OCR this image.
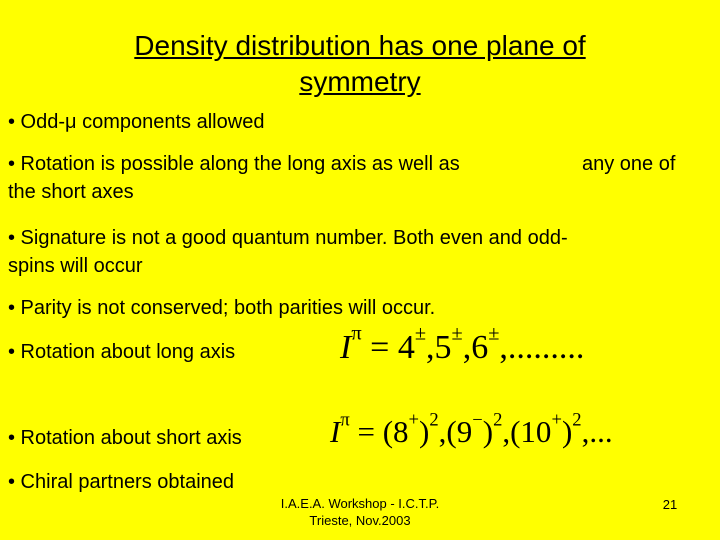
Density distribution has one plane of
symmetry
• Odd-μ components allowed
• Rotation is possible along the long axis as well as	any one of
the short axes
• Signature is not a good quantum number. Both even and odd-
spins will occur
• Parity is not conserved; both parities will occur.
• Rotation about long axis	$I^\pi = 4^\pm,5^\pm,6^\pm$,.........
• Rotation about short axis	$I^\pi = (8^+)^2,(9^-)^2,(10^+)^2$,...
• Chiral partners obtained
I.A.E.A. Workshop - I.C.T.P.
Trieste, Nov.2003
21
